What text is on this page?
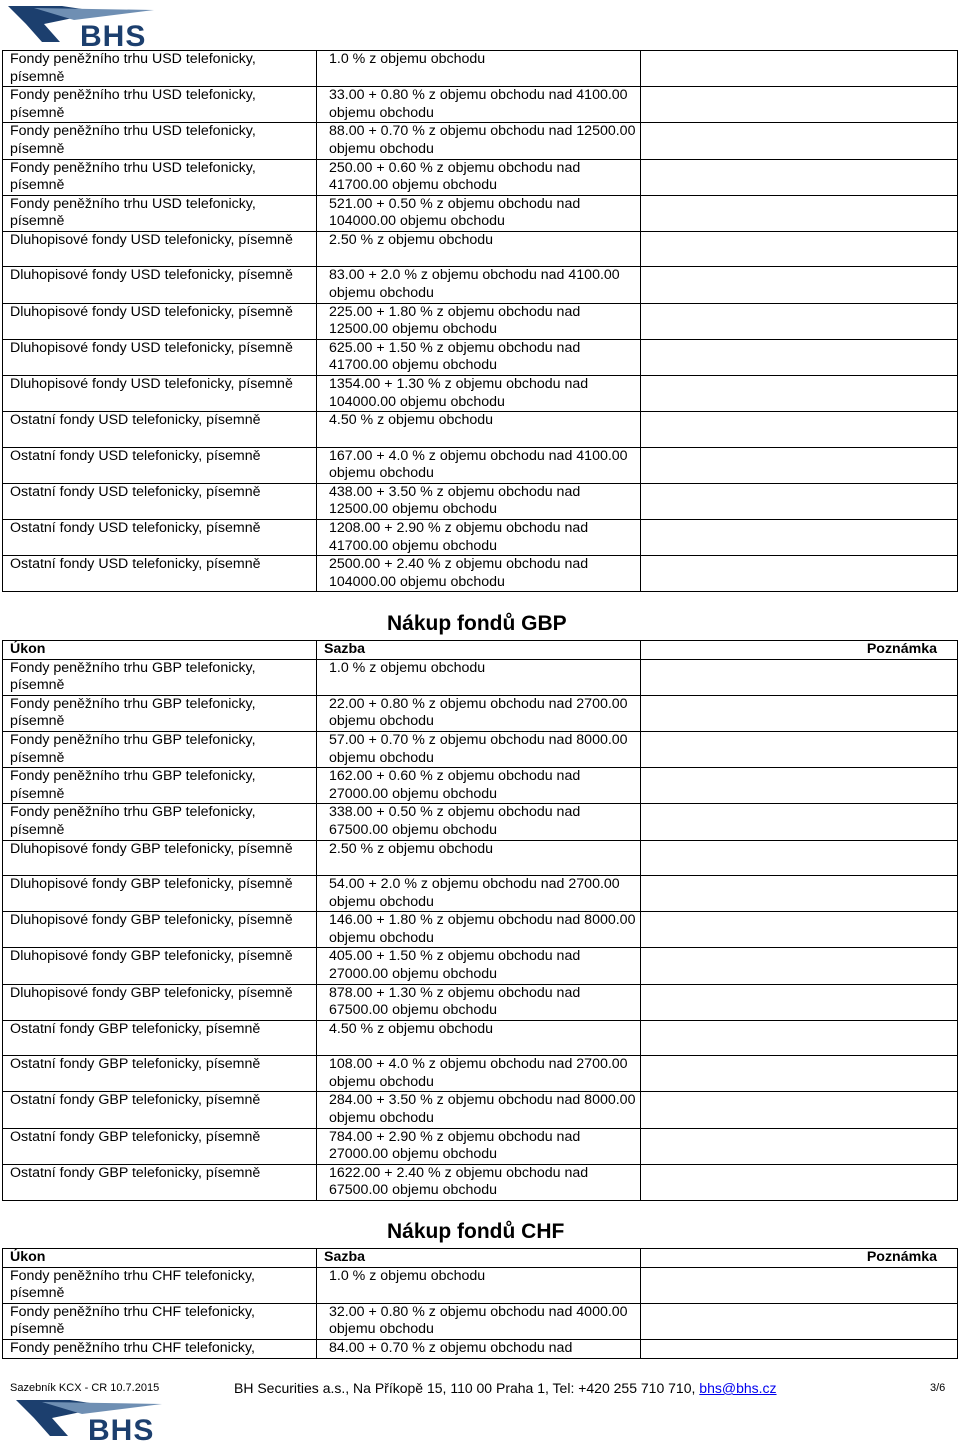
BHS
Fondy peněžního trhu USD telefonicky, písemně	1.0 % z objemu obchodu	
Fondy peněžního trhu USD telefonicky, písemně	33.00 + 0.80 % z objemu obchodu nad 4100.00 objemu obchodu	
Fondy peněžního trhu USD telefonicky, písemně	88.00 + 0.70 % z objemu obchodu nad 12500.00 objemu obchodu	
Fondy peněžního trhu USD telefonicky, písemně	250.00 + 0.60 % z objemu obchodu nad 41700.00 objemu obchodu	
Fondy peněžního trhu USD telefonicky, písemně	521.00 + 0.50 % z objemu obchodu nad 104000.00 objemu obchodu	
Dluhopisové fondy USD telefonicky, písemně	2.50 % z objemu obchodu	
Dluhopisové fondy USD telefonicky, písemně	83.00 + 2.0 % z objemu obchodu nad 4100.00 objemu obchodu	
Dluhopisové fondy USD telefonicky, písemně	225.00 + 1.80 % z objemu obchodu nad 12500.00 objemu obchodu	
Dluhopisové fondy USD telefonicky, písemně	625.00 + 1.50 % z objemu obchodu nad 41700.00 objemu obchodu	
Dluhopisové fondy USD telefonicky, písemně	1354.00 + 1.30 % z objemu obchodu nad 104000.00 objemu obchodu	
Ostatní fondy USD telefonicky, písemně	4.50 % z objemu obchodu	
Ostatní fondy USD telefonicky, písemně	167.00 + 4.0 % z objemu obchodu nad 4100.00 objemu obchodu	
Ostatní fondy USD telefonicky, písemně	438.00 + 3.50 % z objemu obchodu nad 12500.00 objemu obchodu	
Ostatní fondy USD telefonicky, písemně	1208.00 + 2.90 % z objemu obchodu nad 41700.00 objemu obchodu	
Ostatní fondy USD telefonicky, písemně	2500.00 + 2.40 % z objemu obchodu nad 104000.00 objemu obchodu	
Nákup fondů GBP
Úkon	Sazba	Poznámka
Fondy peněžního trhu GBP telefonicky, písemně	1.0 % z objemu obchodu	
Fondy peněžního trhu GBP telefonicky, písemně	22.00 + 0.80 % z objemu obchodu nad 2700.00 objemu obchodu	
Fondy peněžního trhu GBP telefonicky, písemně	57.00 + 0.70 % z objemu obchodu nad 8000.00 objemu obchodu	
Fondy peněžního trhu GBP telefonicky, písemně	162.00 + 0.60 % z objemu obchodu nad 27000.00 objemu obchodu	
Fondy peněžního trhu GBP telefonicky, písemně	338.00 + 0.50 % z objemu obchodu nad 67500.00 objemu obchodu	
Dluhopisové fondy GBP telefonicky, písemně	2.50 % z objemu obchodu	
Dluhopisové fondy GBP telefonicky, písemně	54.00 + 2.0 % z objemu obchodu nad 2700.00 objemu obchodu	
Dluhopisové fondy GBP telefonicky, písemně	146.00 + 1.80 % z objemu obchodu nad 8000.00 objemu obchodu	
Dluhopisové fondy GBP telefonicky, písemně	405.00 + 1.50 % z objemu obchodu nad 27000.00 objemu obchodu	
Dluhopisové fondy GBP telefonicky, písemně	878.00 + 1.30 % z objemu obchodu nad 67500.00 objemu obchodu	
Ostatní fondy GBP telefonicky, písemně	4.50 % z objemu obchodu	
Ostatní fondy GBP telefonicky, písemně	108.00 + 4.0 % z objemu obchodu nad 2700.00 objemu obchodu	
Ostatní fondy GBP telefonicky, písemně	284.00 + 3.50 % z objemu obchodu nad 8000.00 objemu obchodu	
Ostatní fondy GBP telefonicky, písemně	784.00 + 2.90 % z objemu obchodu nad 27000.00 objemu obchodu	
Ostatní fondy GBP telefonicky, písemně	1622.00 + 2.40 % z objemu obchodu nad 67500.00 objemu obchodu	
Nákup fondů CHF
Úkon	Sazba	Poznámka
Fondy peněžního trhu CHF telefonicky, písemně	1.0 % z objemu obchodu	
Fondy peněžního trhu CHF telefonicky, písemně	32.00 + 0.80 % z objemu obchodu nad 4000.00 objemu obchodu	
Fondy peněžního trhu CHF telefonicky,	84.00 + 0.70 % z objemu obchodu nad	
Sazebník KCX - CR 10.7.2015	BH Securities a.s., Na Příkopě 15, 110 00 Praha 1, Tel: +420 255 710 710, bhs@bhs.cz	3/6
BHS
